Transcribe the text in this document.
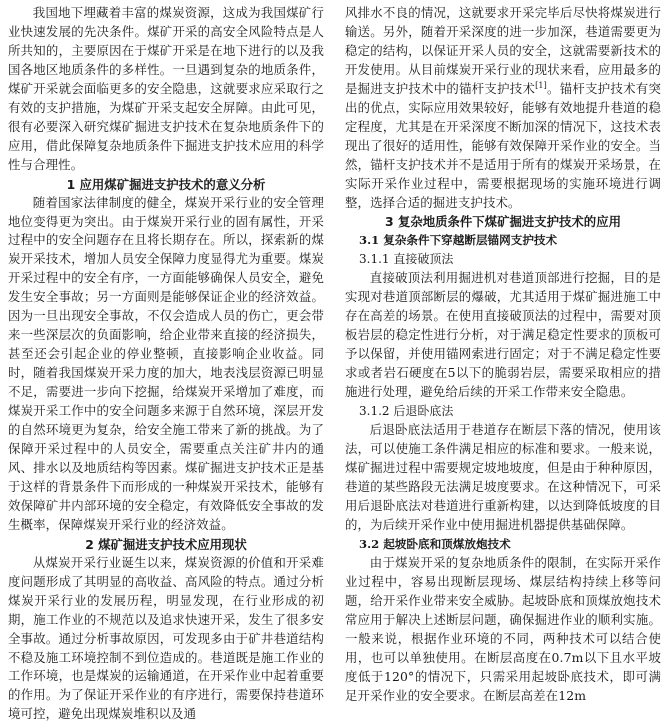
我国地下埋藏着丰富的煤炭资源，这成为我国煤矿行业快速发展的先决条件。煤矿开采的高安全风险特点是人所共知的，主要原因在于煤矿开采是在地下进行的以及我国各地区地质条件的多样性。一旦遇到复杂的地质条件，煤矿开采就会面临更多的安全隐患，这就要求应采取行之有效的支护措施，为煤矿开采支起安全屏障。由此可见，很有必要深入研究煤矿掘进支护技术在复杂地质条件下的应用，借此保障复杂地质条件下掘进支护技术应用的科学性与合理性。

1 应用煤矿掘进支护技术的意义分析

随着国家法律制度的健全，煤炭开采行业的安全管理地位变得更为突出。由于煤炭开采行业的固有属性，开采过程中的安全问题存在且将长期存在。所以，探索新的煤炭开采技术，增加人员安全保障力度显得尤为重要。煤炭开采过程中的安全有序，一方面能够确保人员安全，避免发生安全事故；另一方面则是能够保证企业的经济效益。因为一旦出现安全事故，不仅会造成人员的伤亡，更会带来一些深层次的负面影响，给企业带来直接的经济损失，甚至还会引起企业的停业整顿，直接影响企业收益。同时，随着我国煤炭开采力度的加大，地表浅层资源已明显不足，需要进一步向下挖掘，给煤炭开采增加了难度，而煤炭开采工作中的安全问题多来源于自然环境，深层开发的自然环境更为复杂，给安全施工带来了新的挑战。为了保障开采过程中的人员安全，需要重点关注矿井内的通风、排水以及地质结构等因素。煤矿掘进支护技术正是基于这样的背景条件下而形成的一种煤炭开采技术，能够有效保障矿井内部环境的安全稳定，有效降低安全事故的发生概率，保障煤炭开采行业的经济效益。

2 煤矿掘进支护技术应用现状

从煤炭开采行业诞生以来，煤炭资源的价值和开采难度问题形成了其明显的高收益、高风险的特点。通过分析煤炭开采行业的发展历程，明显发现，在行业形成的初期，施工作业的不规范以及追求快速开采，发生了很多安全事故。通过分析事故原因，可发现多由于矿井巷道结构不稳及施工环境控制不到位造成的。巷道既是施工作业的工作环境，也是煤炭的运输通道，在开采作业中起着重要的作用。为了保证开采作业的有序进行，需要保持巷道环境可控，避免出现煤炭堆积以及通

风排水不良的情况，这就要求开采完毕后尽快将煤炭进行输送。另外，随着开采深度的进一步加深，巷道需要更为稳定的结构，以保证开采人员的安全，这就需要新技术的开发使用。从目前煤炭开采行业的现状来看，应用最多的是掘进支护技术中的锚杆支护技术[1]。锚杆支护技术有突出的优点，实际应用效果较好，能够有效地提升巷道的稳定程度，尤其是在开采深度不断加深的情况下，这技术表现出了很好的适用性，能够有效保障开采作业的安全。当然，锚杆支护技术并不是适用于所有的煤炭开采场景，在实际开采作业过程中，需要根据现场的实施环境进行调整，选择合适的掘进支护技术。

3 复杂地质条件下煤矿掘进支护技术的应用
3.1 复杂条件下穿越断层锚网支护技术
3.1.1 直接破顶法

直接破顶法利用掘进机对巷道顶部进行挖掘，目的是实现对巷道顶部断层的爆破，尤其适用于煤矿掘进施工中存在高差的场景。在使用直接破顶法的过程中，需要对顶板岩层的稳定性进行分析，对于满足稳定性要求的顶板可予以保留，并使用锚网索进行固定；对于不满足稳定性要求或者岩石硬度在5以下的脆弱岩层，需要采取相应的措施进行处理，避免给后续的开采工作带来安全隐患。

3.1.2 后退卧底法

后退卧底法适用于巷道存在断层下落的情况，使用该法，可以使施工条件满足相应的标准和要求。一般来说，煤矿掘进过程中需要规定坡地坡度，但是由于种种原因，巷道的某些路段无法满足坡度要求。在这种情况下，可采用后退卧底法对巷道进行重新构建，以达到降低坡度的目的，为后续开采作业中使用掘进机器提供基础保障。

3.2 起坡卧底和顶煤放炮技术

由于煤炭开采的复杂地质条件的限制，在实际开采作业过程中，容易出现断层现场、煤层结构持续上移等问题，给开采作业带来安全威胁。起坡卧底和顶煤放炮技术常应用于解决上述断层问题，确保掘进作业的顺利实施。一般来说，根据作业环境的不同，两种技术可以结合使用，也可以单独使用。在断层高度在0.7m以下且水平坡度低于120°的情况下，只需采用起坡卧底技术，即可满足开采作业的安全要求。在断层高差在12m
